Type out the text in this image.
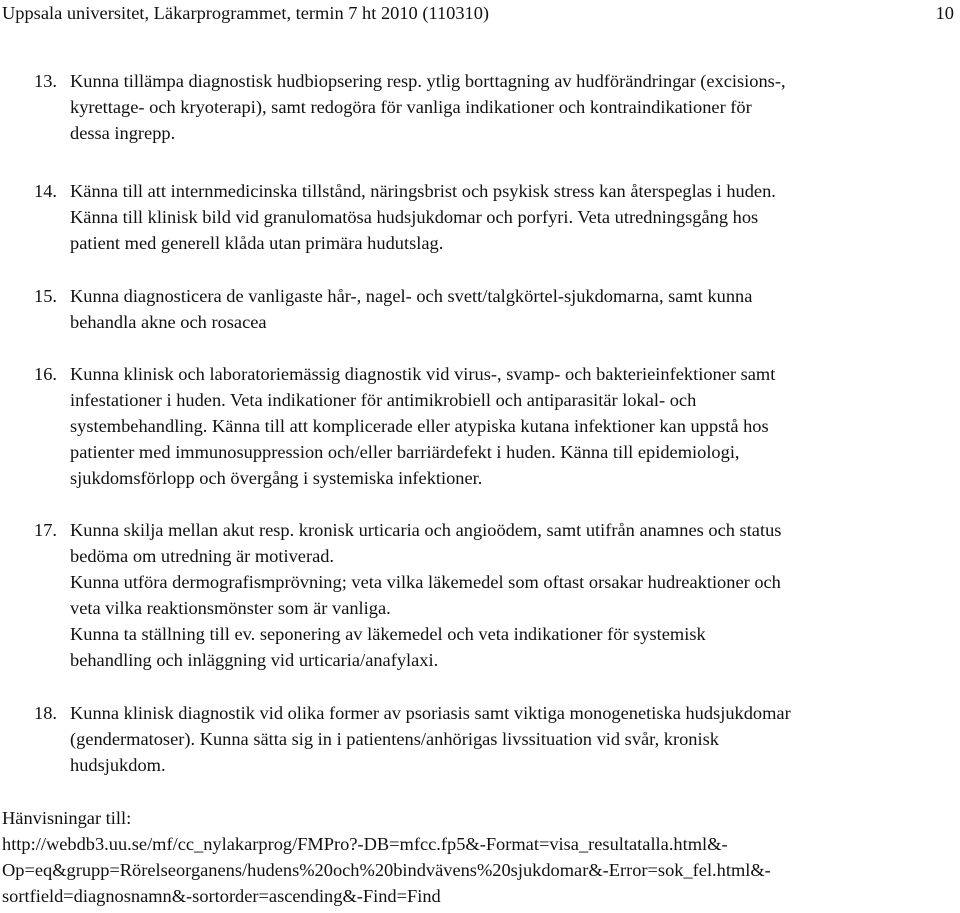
Uppsala universitet, Läkarprogrammet, termin 7 ht 2010 (110310)	10
13. Kunna tillämpa diagnostisk hudbiopsering resp. ytlig borttagning av hudförändringar (excisions-,
kyrettage- och kryoterapi), samt redogöra för vanliga indikationer och kontraindikationer för
dessa ingrepp.
14. Känna till att internmedicinska tillstånd, näringsbrist och psykisk stress kan återspeglas i huden.
Känna till klinisk bild vid granulomatösa hudsjukdomar och porfyri. Veta utredningsgång hos
patient med generell klåda utan primära hudutslag.
15. Kunna diagnosticera de vanligaste hår-, nagel- och svett/talgkörtel-sjukdomarna, samt kunna
behandla akne och rosacea
16. Kunna klinisk och laboratoriemässig diagnostik vid virus-, svamp- och bakterieinfektioner samt
infestationer i huden. Veta indikationer för antimikrobiell och antiparasitär lokal- och
systembehandling. Känna till att komplicerade eller atypiska kutana infektioner kan uppstå hos
patienter med immunosuppression och/eller barriärdefekt i huden. Känna till epidemiologi,
sjukdomsförlopp och övergång i systemiska infektioner.
17. Kunna skilja mellan akut resp. kronisk urticaria och angioödem, samt utifrån anamnes och status
bedöma om utredning är motiverad.
Kunna utföra dermografismprövning; veta vilka läkemedel som oftast orsakar hudreaktioner och
veta vilka reaktionsmönster som är vanliga.
Kunna ta ställning till ev. seponering av läkemedel och veta indikationer för systemisk
behandling och inläggning vid urticaria/anafylaxi.
18. Kunna klinisk diagnostik vid olika former av psoriasis samt viktiga monogenetiska hudsjukdomar
(gendermatoser). Kunna sätta sig in i patientens/anhörigas livssituation vid svår, kronisk
hudsjukdom.
Hänvisningar till:
http://webdb3.uu.se/mf/cc_nylakarprog/FMPro?-DB=mfcc.fp5&-Format=visa_resultatalla.html&-
Op=eq&grupp=Rörelseorganens/hudens%20och%20bindvävens%20sjukdomar&-Error=sok_fel.html&-
sortfield=diagnosnamn&-sortorder=ascending&-Find=Find
